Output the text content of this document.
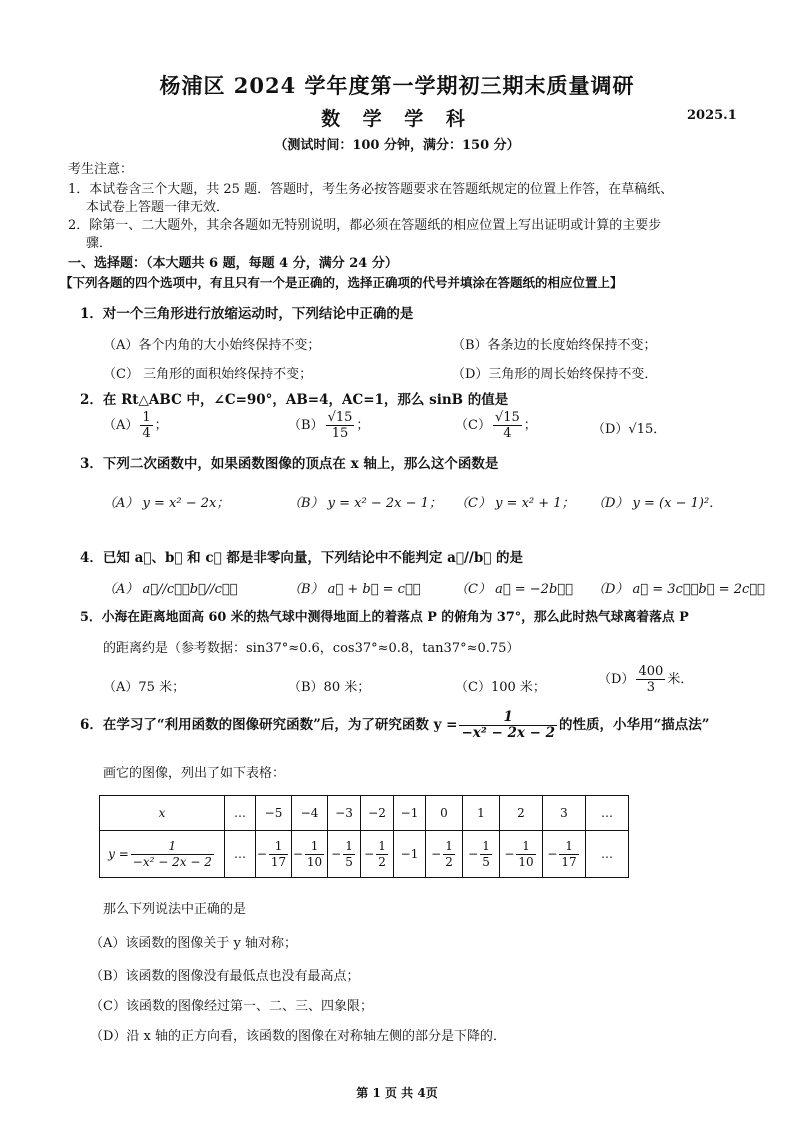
杨浦区 2024 学年度第一学期初三期末质量调研
数 学 学 科	2025.1
（测试时间：100 分钟，满分：150 分）
考生注意：
1．本试卷含三个大题，共 25 题．答题时，考生务必按答题要求在答题纸规定的位置上作答，在草稿纸、
本试卷上答题一律无效．
2．除第一、二大题外，其余各题如无特别说明，都必须在答题纸的相应位置上写出证明或计算的主要步
骤．
一、选择题：（本大题共 6 题，每题 4 分，满分 24 分）
【下列各题的四个选项中，有且只有一个是正确的，选择正确项的代号并填涂在答题纸的相应位置上】
1．对一个三角形进行放缩运动时，下列结论中正确的是
（A）各个内角的大小始终保持不变；	（B）各条边的长度始终保持不变；
（C） 三角形的面积始终保持不变；	（D）三角形的周长始终保持不变．
2．在 Rt△ABC 中，∠C=90°，AB=4，AC=1，那么 sinB 的值是
$(A) \frac{1}{4}$ ；	$(B) \frac{√15}{15}$ ；	$(C) \frac{√15}{4}$ ；	（D）√15．
3．下列二次函数中，如果函数图像的顶点在 x 轴上，那么这个函数是
（A） y = x² − 2x；	（B） y = x² − 2x − 1； （C） y = x² + 1； （D） y = (x − 1)²．
4．已知 a⃗、b⃗ 和 c⃗ 都是非零向量，下列结论中不能判定 a⃗//b⃗ 的是
（A） a⃗//c⃗，b⃗//c⃗；	（B） a⃗ + b⃗ = c⃗；	（C） a⃗ = −2b⃗； （D） a⃗ = 3c⃗，b⃗ = 2c⃗．
5．小海在距离地面高 60 米的热气球中测得地面上的着落点 P 的俯角为 37°，那么此时热气球离着落点 P
的距离约是（参考数据：sin37°≈0.6，cos37°≈0.8，tan37°≈0.75）
（A）75 米；	（B）80 米；	（C）100 米；
$(D) \frac{400}{3}$ 米．
6．在学习了“利用函数的图像研究函数”后，为了研究函数 $y = \frac{1}{\text{−x² − 2x − 2}}$ 的性质，小华用“描点法”
画它的图像，列出了如下表格：
x	…	−5	−4	−3	−2	−1	0	1	2	3	…
$y = \frac{1}{\text{−x² − 2x − 2}}$	…	− $\frac{1}{17}$	− $\frac{1}{10}$	− $\frac{1}{5}$	− $\frac{1}{2}$	−1	− $\frac{1}{2}$	− $\frac{1}{5}$	− $\frac{1}{10}$	− $\frac{1}{17}$	…
那么下列说法中正确的是
（A）该函数的图像关于 y 轴对称；
（B）该函数的图像没有最低点也没有最高点；
（C）该函数的图像经过第一、二、三、四象限；
（D）沿 x 轴的正方向看，该函数的图像在对称轴左侧的部分是下降的．
第 1 页 共 4页
